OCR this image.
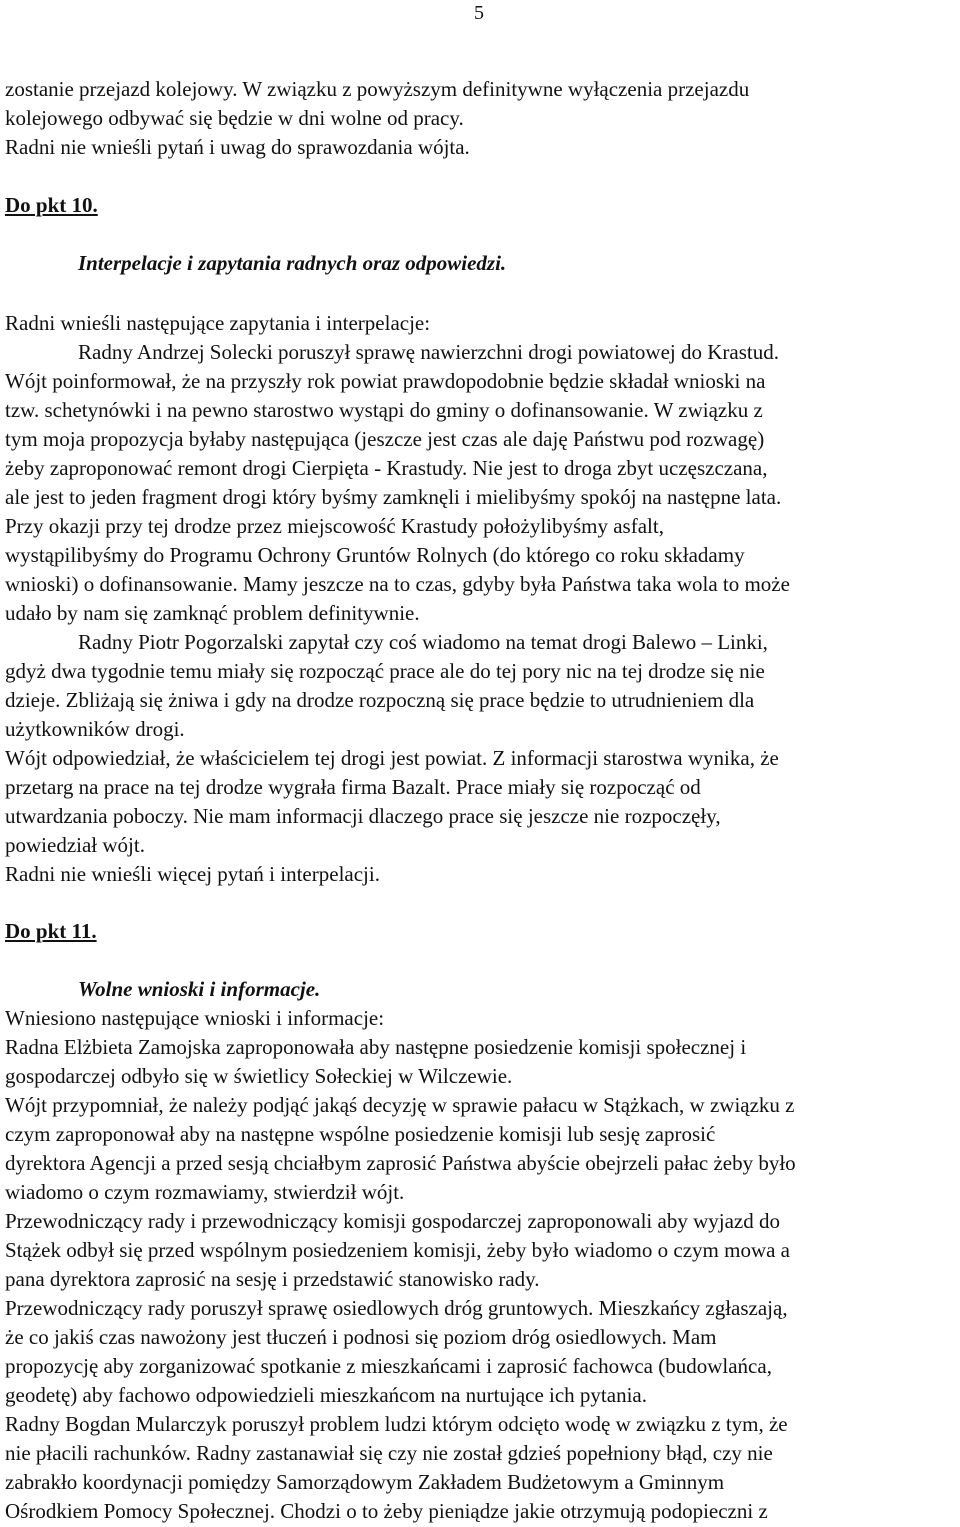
5
zostanie przejazd kolejowy. W związku z powyższym definitywne wyłączenia przejazdu
kolejowego odbywać się będzie w dni wolne od pracy.
Radni nie wnieśli pytań i uwag do sprawozdania wójta.
Do pkt 10.
Interpelacje i zapytania radnych oraz odpowiedzi.
Radni wnieśli następujące zapytania i interpelacje:
Radny Andrzej Solecki poruszył sprawę nawierzchni drogi powiatowej do Krastud.
Wójt poinformował, że na przyszły rok powiat prawdopodobnie będzie składał wnioski na
tzw. schetynówki i na pewno starostwo wystąpi do gminy o dofinansowanie. W związku z
tym moja propozycja byłaby następująca (jeszcze jest czas ale daję Państwu pod rozwagę)
żeby zaproponować remont drogi Cierpięta - Krastudy. Nie jest to droga zbyt uczęszczana,
ale jest to jeden fragment drogi który byśmy zamknęli i mielibyśmy spokój na następne lata.
Przy okazji przy tej drodze przez miejscowość Krastudy położylibyśmy asfalt,
wystąpilibyśmy do Programu Ochrony Gruntów Rolnych (do którego co roku składamy
wnioski) o dofinansowanie. Mamy jeszcze na to czas, gdyby była Państwa taka wola to może
udało by nam się zamknąć problem definitywnie.
Radny Piotr Pogorzalski zapytał czy coś wiadomo na temat drogi Balewo – Linki,
gdyż dwa tygodnie temu miały się rozpocząć prace ale do tej pory nic na tej drodze się nie
dzieje. Zbliżają się żniwa i gdy na drodze rozpoczną się prace będzie to utrudnieniem dla
użytkowników drogi.
Wójt odpowiedział, że właścicielem tej drogi jest powiat. Z informacji starostwa wynika, że
przetarg na prace na tej drodze wygrała firma Bazalt. Prace miały się rozpocząć od
utwardzania poboczy. Nie mam informacji dlaczego prace się jeszcze nie rozpoczęły,
powiedział wójt.
Radni nie wnieśli więcej pytań i interpelacji.
Do pkt 11.
Wolne wnioski i informacje.
Wniesiono następujące wnioski i informacje:
Radna Elżbieta Zamojska zaproponowała aby następne posiedzenie komisji społecznej i
gospodarczej odbyło się w świetlicy Sołeckiej w Wilczewie.
Wójt przypomniał, że należy podjąć jakąś decyzję w sprawie pałacu w Stążkach, w związku z
czym zaproponował aby na następne wspólne posiedzenie komisji lub sesję zaprosić
dyrektora Agencji a przed sesją chciałbym zaprosić Państwa abyście obejrzeli pałac żeby było
wiadomo o czym rozmawiamy, stwierdził wójt.
Przewodniczący rady i przewodniczący komisji gospodarczej zaproponowali aby wyjazd do
Stążek odbył się przed wspólnym posiedzeniem komisji, żeby było wiadomo o czym mowa a
pana dyrektora zaprosić na sesję i przedstawić stanowisko rady.
Przewodniczący rady poruszył sprawę osiedlowych dróg gruntowych. Mieszkańcy zgłaszają,
że co jakiś czas nawożony jest tłuczeń i podnosi się poziom dróg osiedlowych. Mam
propozycję aby zorganizować spotkanie z mieszkańcami i zaprosić fachowca (budowlańca,
geodetę) aby fachowo odpowiedzieli mieszkańcom na nurtujące ich pytania.
Radny Bogdan Mularczyk poruszył problem ludzi którym odcięto wodę w związku z tym, że
nie płacili rachunków. Radny zastanawiał się czy nie został gdzieś popełniony błąd, czy nie
zabrakło koordynacji pomiędzy Samorządowym Zakładem Budżetowym a Gminnym
Ośrodkiem Pomocy Społecznej. Chodzi o to żeby pieniądze jakie otrzymują podopieczni z
